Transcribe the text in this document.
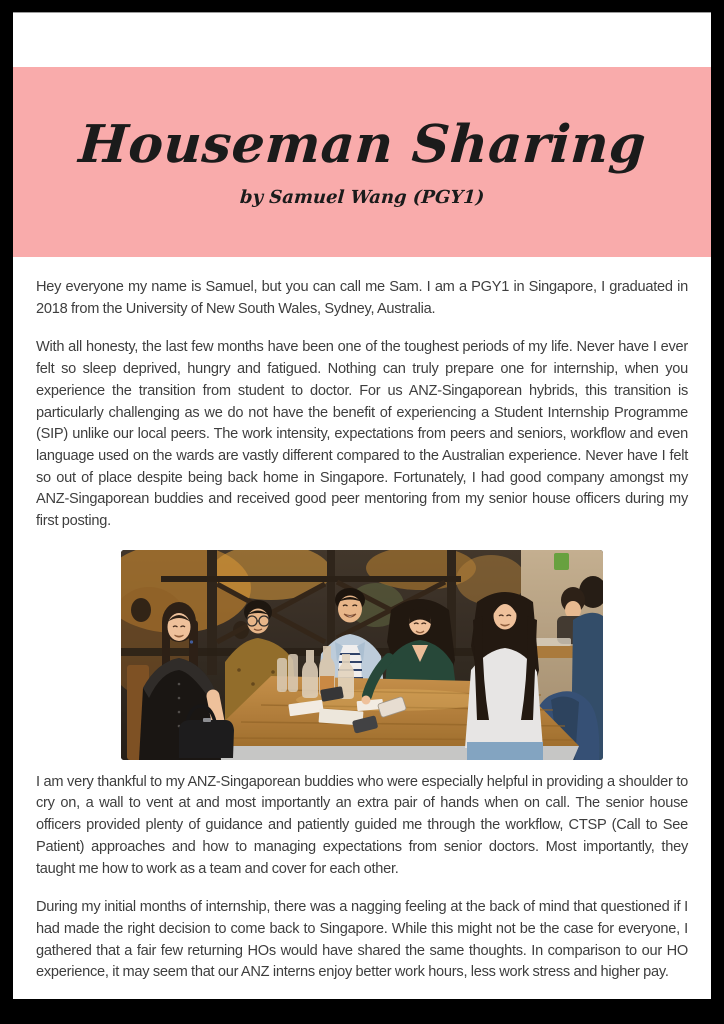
Houseman Sharing
by Samuel Wang (PGY1)

Hey everyone my name is Samuel, but you can call me Sam. I am a PGY1 in Singapore, I graduated in 2018 from the University of New South Wales, Sydney, Australia.

With all honesty, the last few months have been one of the toughest periods of my life. Never have I ever felt so sleep deprived, hungry and fatigued. Nothing can truly prepare one for internship, when you experience the transition from student to doctor. For us ANZ-Singaporean hybrids, this transition is particularly challenging as we do not have the benefit of experiencing a Student Internship Programme (SIP) unlike our local peers. The work intensity, expectations from peers and seniors, workflow and even language used on the wards are vastly different compared to the Australian experience. Never have I felt so out of place despite being back home in Singapore. Fortunately, I had good company amongst my ANZ-Singaporean buddies and received good peer mentoring from my senior house officers during my first posting.

I am very thankful to my ANZ-Singaporean buddies who were especially helpful in providing a shoulder to cry on, a wall to vent at and most importantly an extra pair of hands when on call. The senior house officers provided plenty of guidance and patiently guided me through the workflow, CTSP (Call to See Patient) approaches and how to managing expectations from senior doctors. Most importantly, they taught me how to work as a team and cover for each other.

During my initial months of internship, there was a nagging feeling at the back of mind that questioned if I had made the right decision to come back to Singapore. While this might not be the case for everyone, I gathered that a fair few returning HOs would have shared the same thoughts. In comparison to our HO experience, it may seem that our ANZ interns enjoy better work hours, less work stress and higher pay.
